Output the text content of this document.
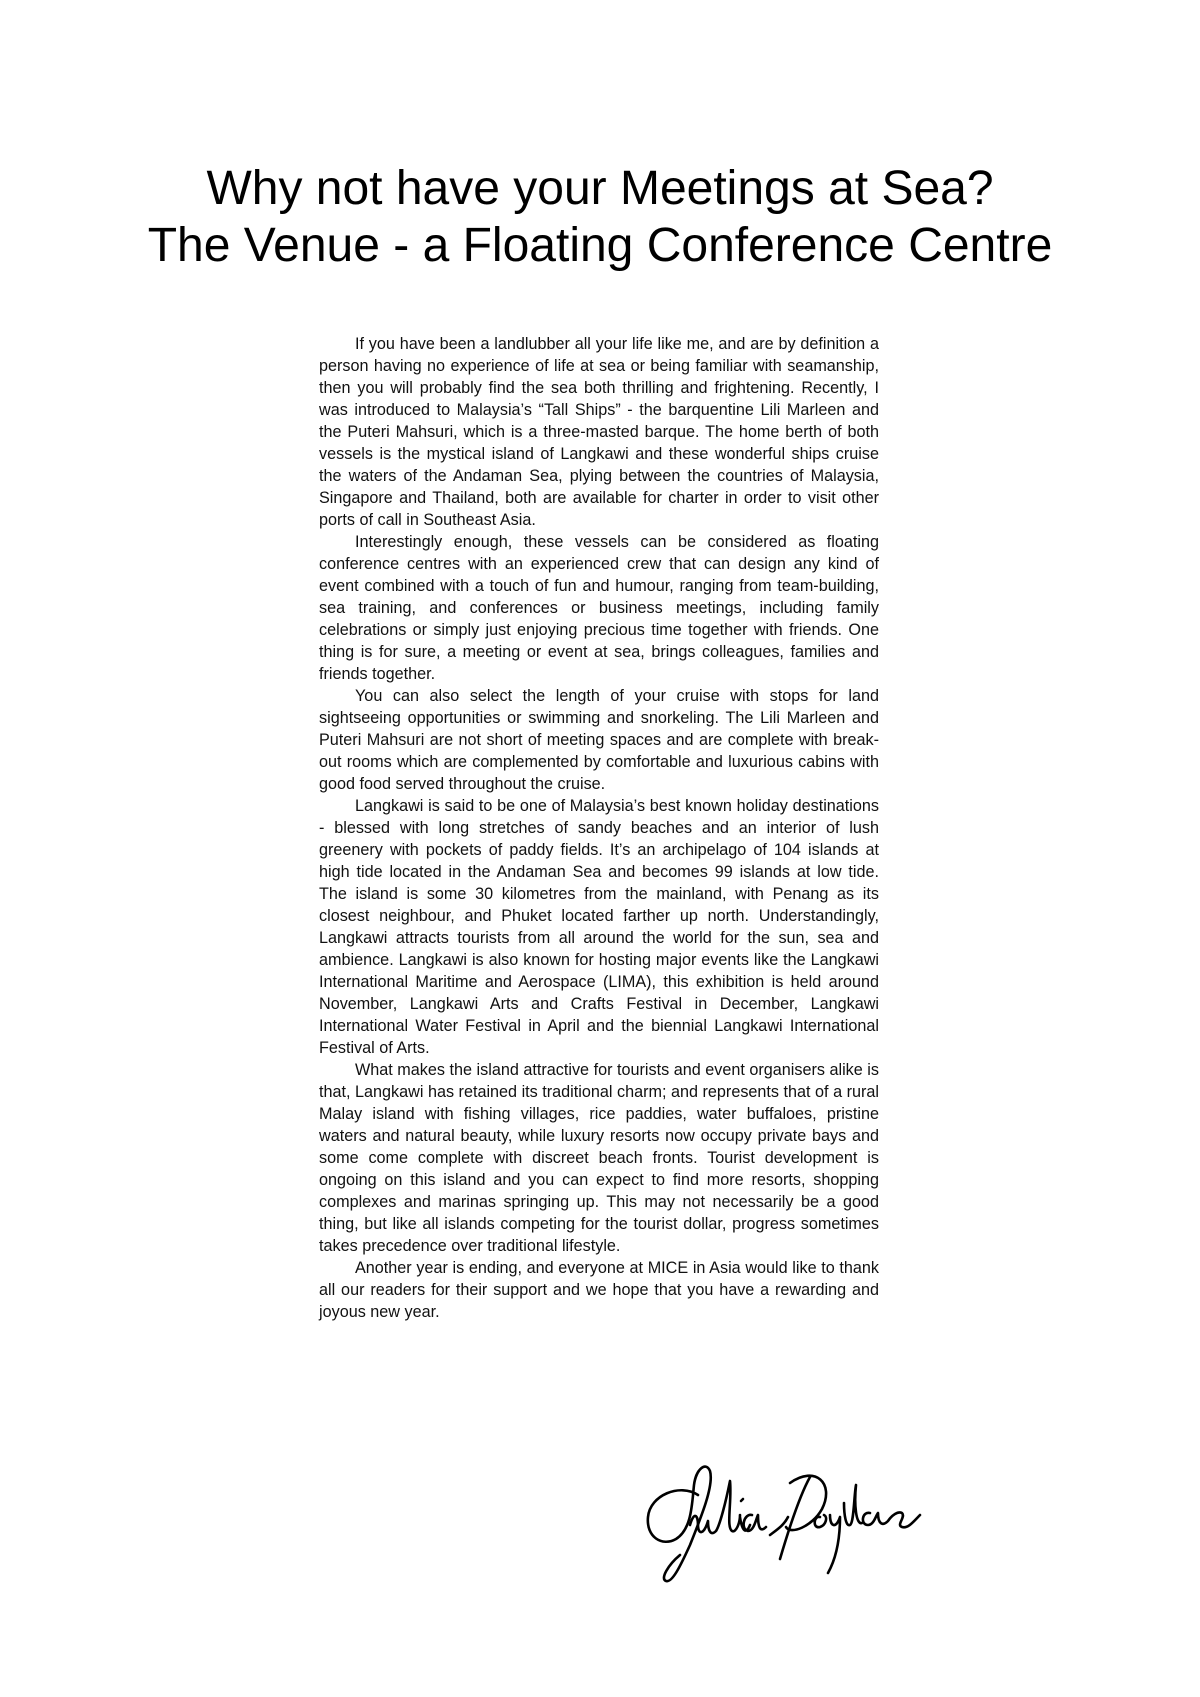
Why not have your Meetings at Sea?
The Venue - a Floating Conference Centre

If you have been a landlubber all your life like me, and are by definition a person having no experience of life at sea or being familiar with seamanship, then you will probably find the sea both thrilling and frightening. Recently, I was introduced to Malaysia’s “Tall Ships” - the barquentine Lili Marleen and the Puteri Mahsuri, which is a three-masted barque. The home berth of both vessels is the mystical island of Langkawi and these wonderful ships cruise the waters of the Andaman Sea, plying between the countries of Malaysia, Singapore and Thailand, both are available for charter in order to visit other ports of call in Southeast Asia.

Interestingly enough, these vessels can be considered as floating conference centres with an experienced crew that can design any kind of event combined with a touch of fun and humour, ranging from team-building, sea training, and conferences or business meetings, including family celebrations or simply just enjoying precious time together with friends. One thing is for sure, a meeting or event at sea, brings colleagues, families and friends together.

You can also select the length of your cruise with stops for land sightseeing opportunities or swimming and snorkeling. The Lili Marleen and Puteri Mahsuri are not short of meeting spaces and are complete with break-out rooms which are complemented by comfortable and luxurious cabins with good food served throughout the cruise.

Langkawi is said to be one of Malaysia’s best known holiday destinations - blessed with long stretches of sandy beaches and an interior of lush greenery with pockets of paddy fields. It’s an archipelago of 104 islands at high tide located in the Andaman Sea and becomes 99 islands at low tide. The island is some 30 kilometres from the mainland, with Penang as its closest neighbour, and Phuket located farther up north. Understandingly, Langkawi attracts tourists from all around the world for the sun, sea and ambience. Langkawi is also known for hosting major events like the Langkawi International Maritime and Aerospace (LIMA), this exhibition is held around November, Langkawi Arts and Crafts Festival in December, Langkawi International Water Festival in April and the biennial Langkawi International Festival of Arts.

What makes the island attractive for tourists and event organisers alike is that, Langkawi has retained its traditional charm; and represents that of a rural Malay island with fishing villages, rice paddies, water buffaloes, pristine waters and natural beauty, while luxury resorts now occupy private bays and some come complete with discreet beach fronts. Tourist development is ongoing on this island and you can expect to find more resorts, shopping complexes and marinas springing up. This may not necessarily be a good thing, but like all islands competing for the tourist dollar, progress sometimes takes precedence over traditional lifestyle.

Another year is ending, and everyone at MICE in Asia would like to thank all our readers for their support and we hope that you have a rewarding and joyous new year.
